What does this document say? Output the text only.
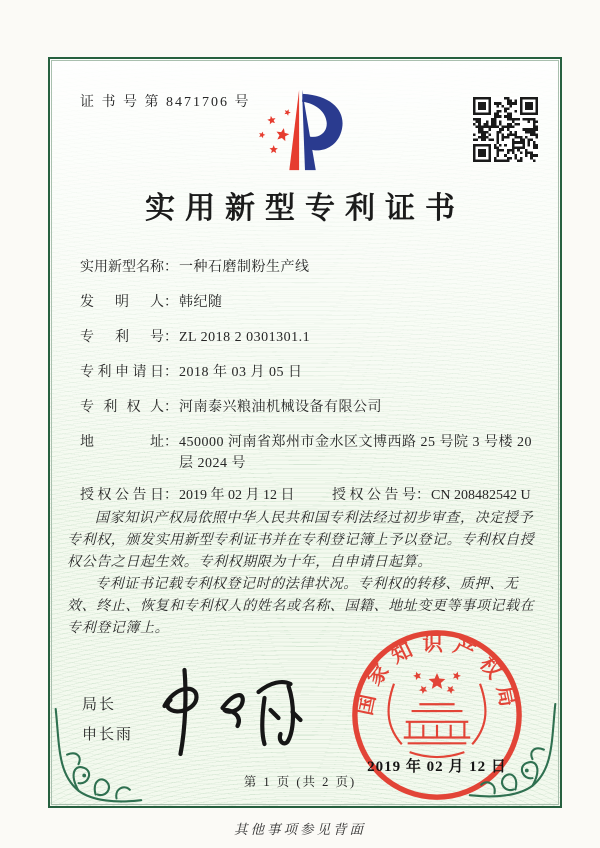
证 书 号 第 8471706 号
实用新型专利证书
实用新型名称 ： 一种石磨制粉生产线
发明人 ： 韩纪随
专利号 ： ZL 2018 2 0301301.1
专利申请日 ： 2018 年 03 月 05 日
专利权人 ： 河南泰兴粮油机械设备有限公司
地址 ： 450000 河南省郑州市金水区文博西路 25 号院 3 号楼 20 层 2024 号
授权公告日 ： 2019 年 02 月 12 日	授权公告号 ： CN 208482542 U

国家知识产权局依照中华人民共和国专利法经过初步审查，决定授予专利权，颁发实用新型专利证书并在专利登记簿上予以登记。专利权自授权公告之日起生效。专利权期限为十年，自申请日起算。

专利证书记载专利权登记时的法律状况。专利权的转移、质押、无效、终止、恢复和专利权人的姓名或名称、国籍、地址变更等事项记载在专利登记簿上。

局长
申长雨
国家知识产权局
2019 年 02 月 12 日
第 1 页 (共 2 页)
其他事项参见背面
